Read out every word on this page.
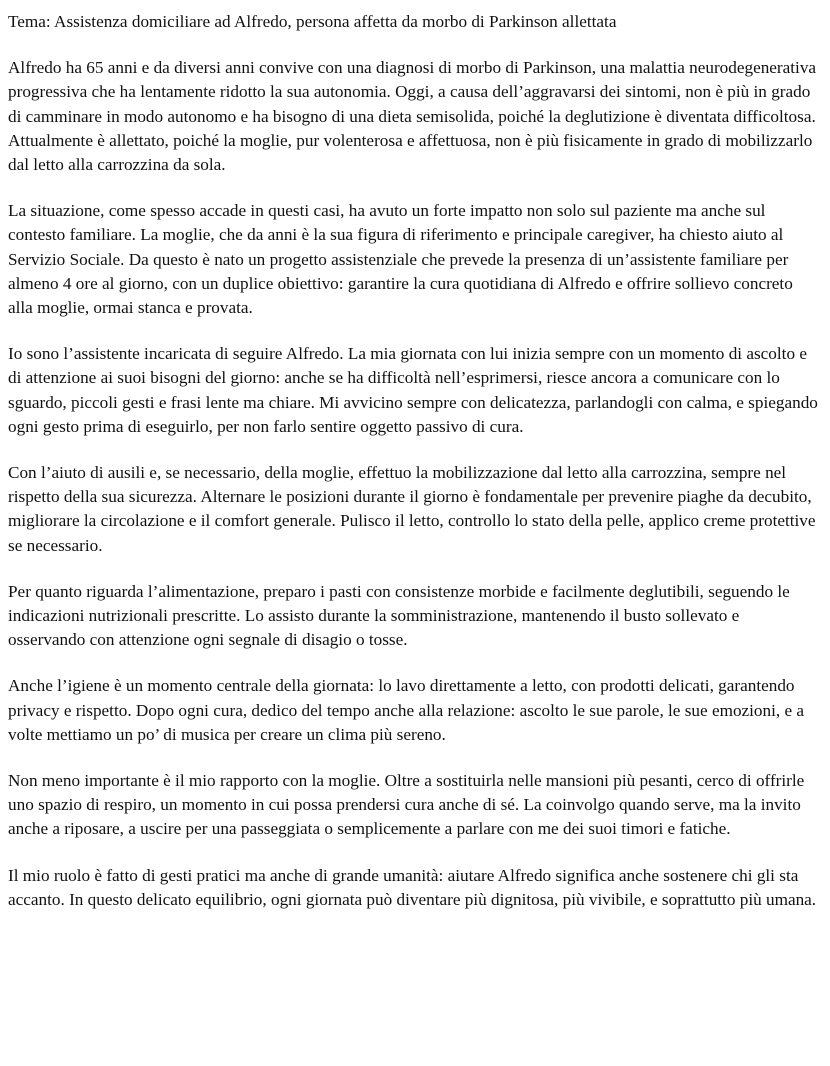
Tema: Assistenza domiciliare ad Alfredo, persona affetta da morbo di Parkinson allettata

Alfredo ha 65 anni e da diversi anni convive con una diagnosi di morbo di Parkinson, una malattia neurodegenerativa progressiva che ha lentamente ridotto la sua autonomia. Oggi, a causa dell’aggravarsi dei sintomi, non è più in grado di camminare in modo autonomo e ha bisogno di una dieta semisolida, poiché la deglutizione è diventata difficoltosa. Attualmente è allettato, poiché la moglie, pur volenterosa e affettuosa, non è più fisicamente in grado di mobilizzarlo dal letto alla carrozzina da sola.

La situazione, come spesso accade in questi casi, ha avuto un forte impatto non solo sul paziente ma anche sul contesto familiare. La moglie, che da anni è la sua figura di riferimento e principale caregiver, ha chiesto aiuto al Servizio Sociale. Da questo è nato un progetto assistenziale che prevede la presenza di un’assistente familiare per almeno 4 ore al giorno, con un duplice obiettivo: garantire la cura quotidiana di Alfredo e offrire sollievo concreto alla moglie, ormai stanca e provata.

Io sono l’assistente incaricata di seguire Alfredo. La mia giornata con lui inizia sempre con un momento di ascolto e di attenzione ai suoi bisogni del giorno: anche se ha difficoltà nell’esprimersi, riesce ancora a comunicare con lo sguardo, piccoli gesti e frasi lente ma chiare. Mi avvicino sempre con delicatezza, parlandogli con calma, e spiegando ogni gesto prima di eseguirlo, per non farlo sentire oggetto passivo di cura.

Con l’aiuto di ausili e, se necessario, della moglie, effettuo la mobilizzazione dal letto alla carrozzina, sempre nel rispetto della sua sicurezza. Alternare le posizioni durante il giorno è fondamentale per prevenire piaghe da decubito, migliorare la circolazione e il comfort generale. Pulisco il letto, controllo lo stato della pelle, applico creme protettive se necessario.

Per quanto riguarda l’alimentazione, preparo i pasti con consistenze morbide e facilmente deglutibili, seguendo le indicazioni nutrizionali prescritte. Lo assisto durante la somministrazione, mantenendo il busto sollevato e osservando con attenzione ogni segnale di disagio o tosse.

Anche l’igiene è un momento centrale della giornata: lo lavo direttamente a letto, con prodotti delicati, garantendo privacy e rispetto. Dopo ogni cura, dedico del tempo anche alla relazione: ascolto le sue parole, le sue emozioni, e a volte mettiamo un po’ di musica per creare un clima più sereno.

Non meno importante è il mio rapporto con la moglie. Oltre a sostituirla nelle mansioni più pesanti, cerco di offrirle uno spazio di respiro, un momento in cui possa prendersi cura anche di sé. La coinvolgo quando serve, ma la invito anche a riposare, a uscire per una passeggiata o semplicemente a parlare con me dei suoi timori e fatiche.

Il mio ruolo è fatto di gesti pratici ma anche di grande umanità: aiutare Alfredo significa anche sostenere chi gli sta accanto. In questo delicato equilibrio, ogni giornata può diventare più dignitosa, più vivibile, e soprattutto più umana.
